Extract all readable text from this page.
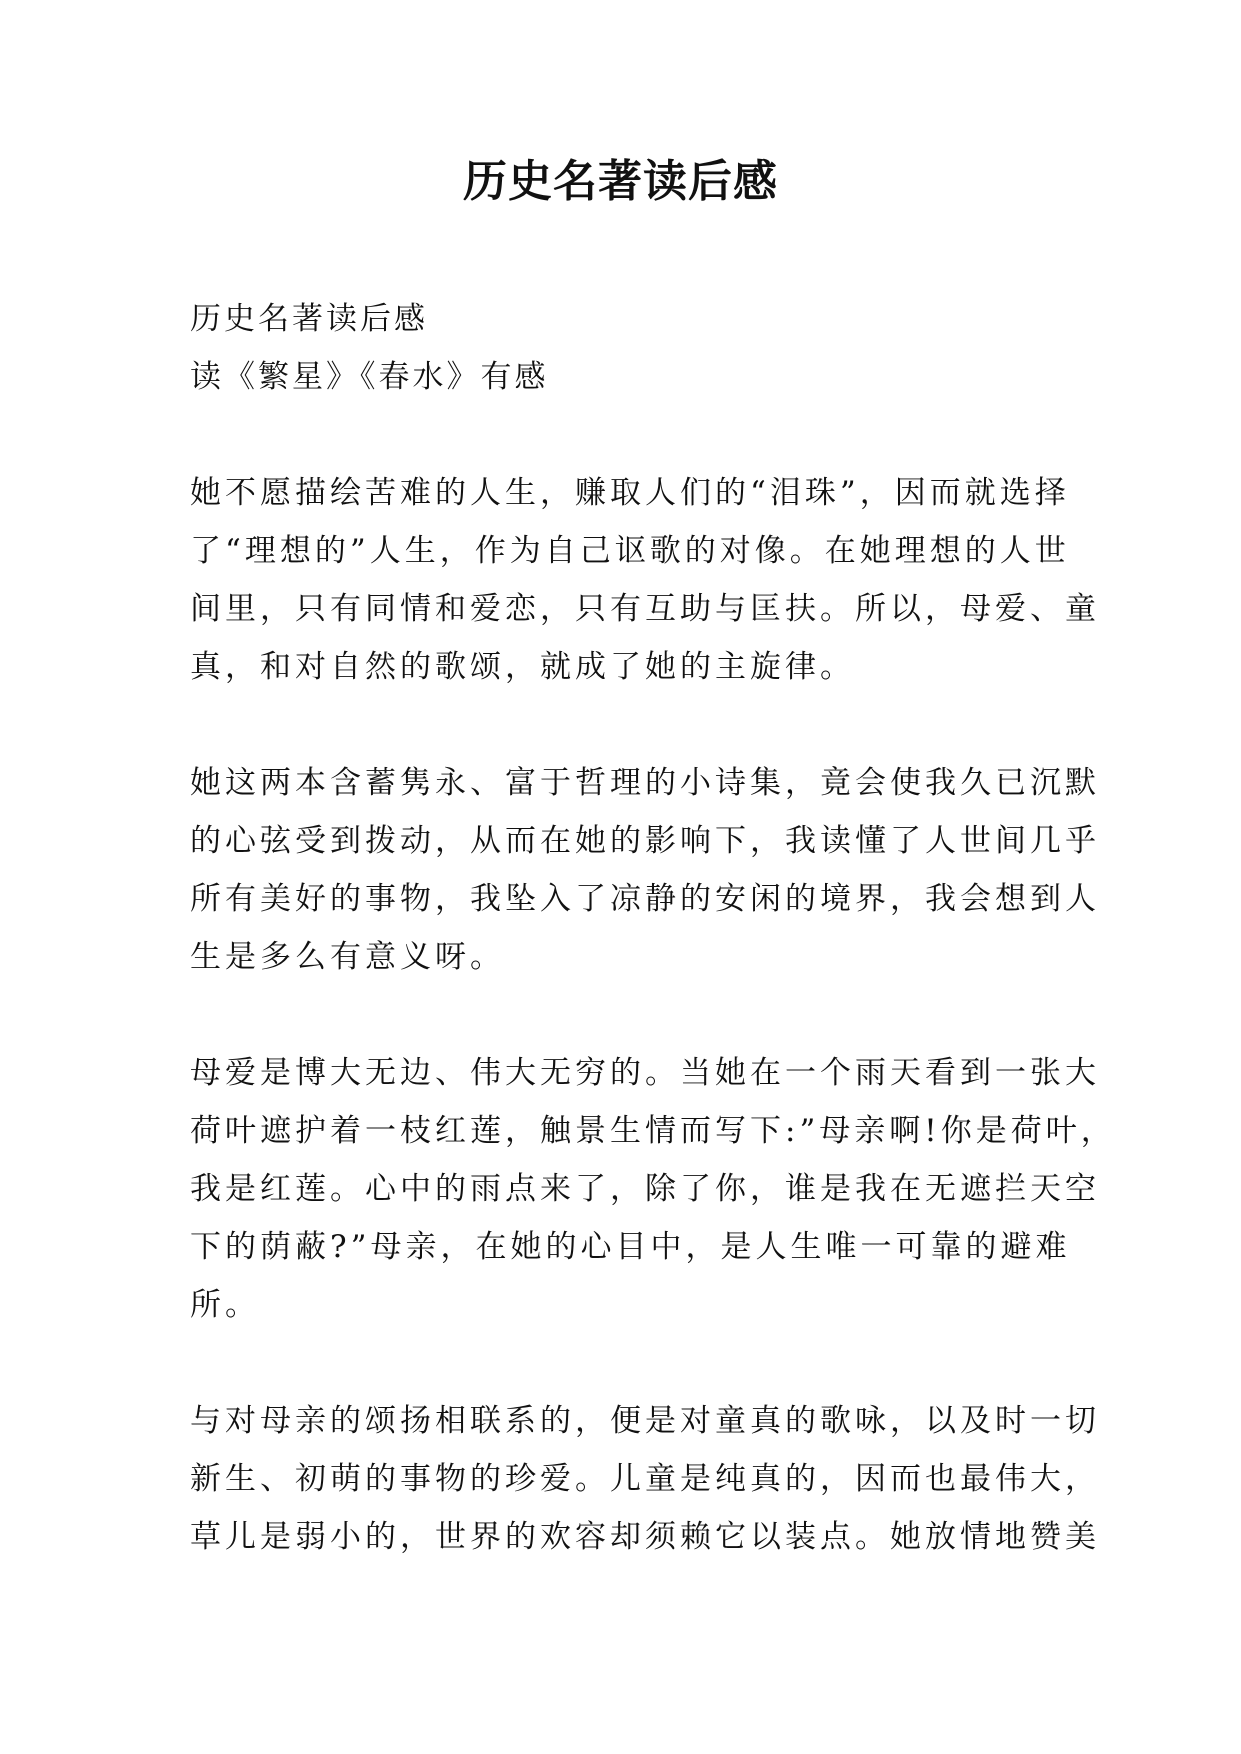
历史名著读后感
历史名著读后感
读《繁星》《春水》有感
她不愿描绘苦难的人生，赚取人们的“泪珠”，因而就选择
了“理想的”人生，作为自己讴歌的对像。在她理想的人世
间里，只有同情和爱恋，只有互助与匡扶。所以，母爱、童
真，和对自然的歌颂，就成了她的主旋律。
她这两本含蓄隽永、富于哲理的小诗集，竟会使我久已沉默
的心弦受到拨动，从而在她的影响下，我读懂了人世间几乎
所有美好的事物，我坠入了凉静的安闲的境界，我会想到人
生是多么有意义呀。
母爱是博大无边、伟大无穷的。当她在一个雨天看到一张大
荷叶遮护着一枝红莲，触景生情而写下:”母亲啊!你是荷叶，
我是红莲。心中的雨点来了，除了你，谁是我在无遮拦天空
下的荫蔽?”母亲，在她的心目中，是人生唯一可靠的避难
所。
与对母亲的颂扬相联系的，便是对童真的歌咏，以及时一切
新生、初萌的事物的珍爱。儿童是纯真的，因而也最伟大，
草儿是弱小的，世界的欢容却须赖它以装点。她放情地赞美
